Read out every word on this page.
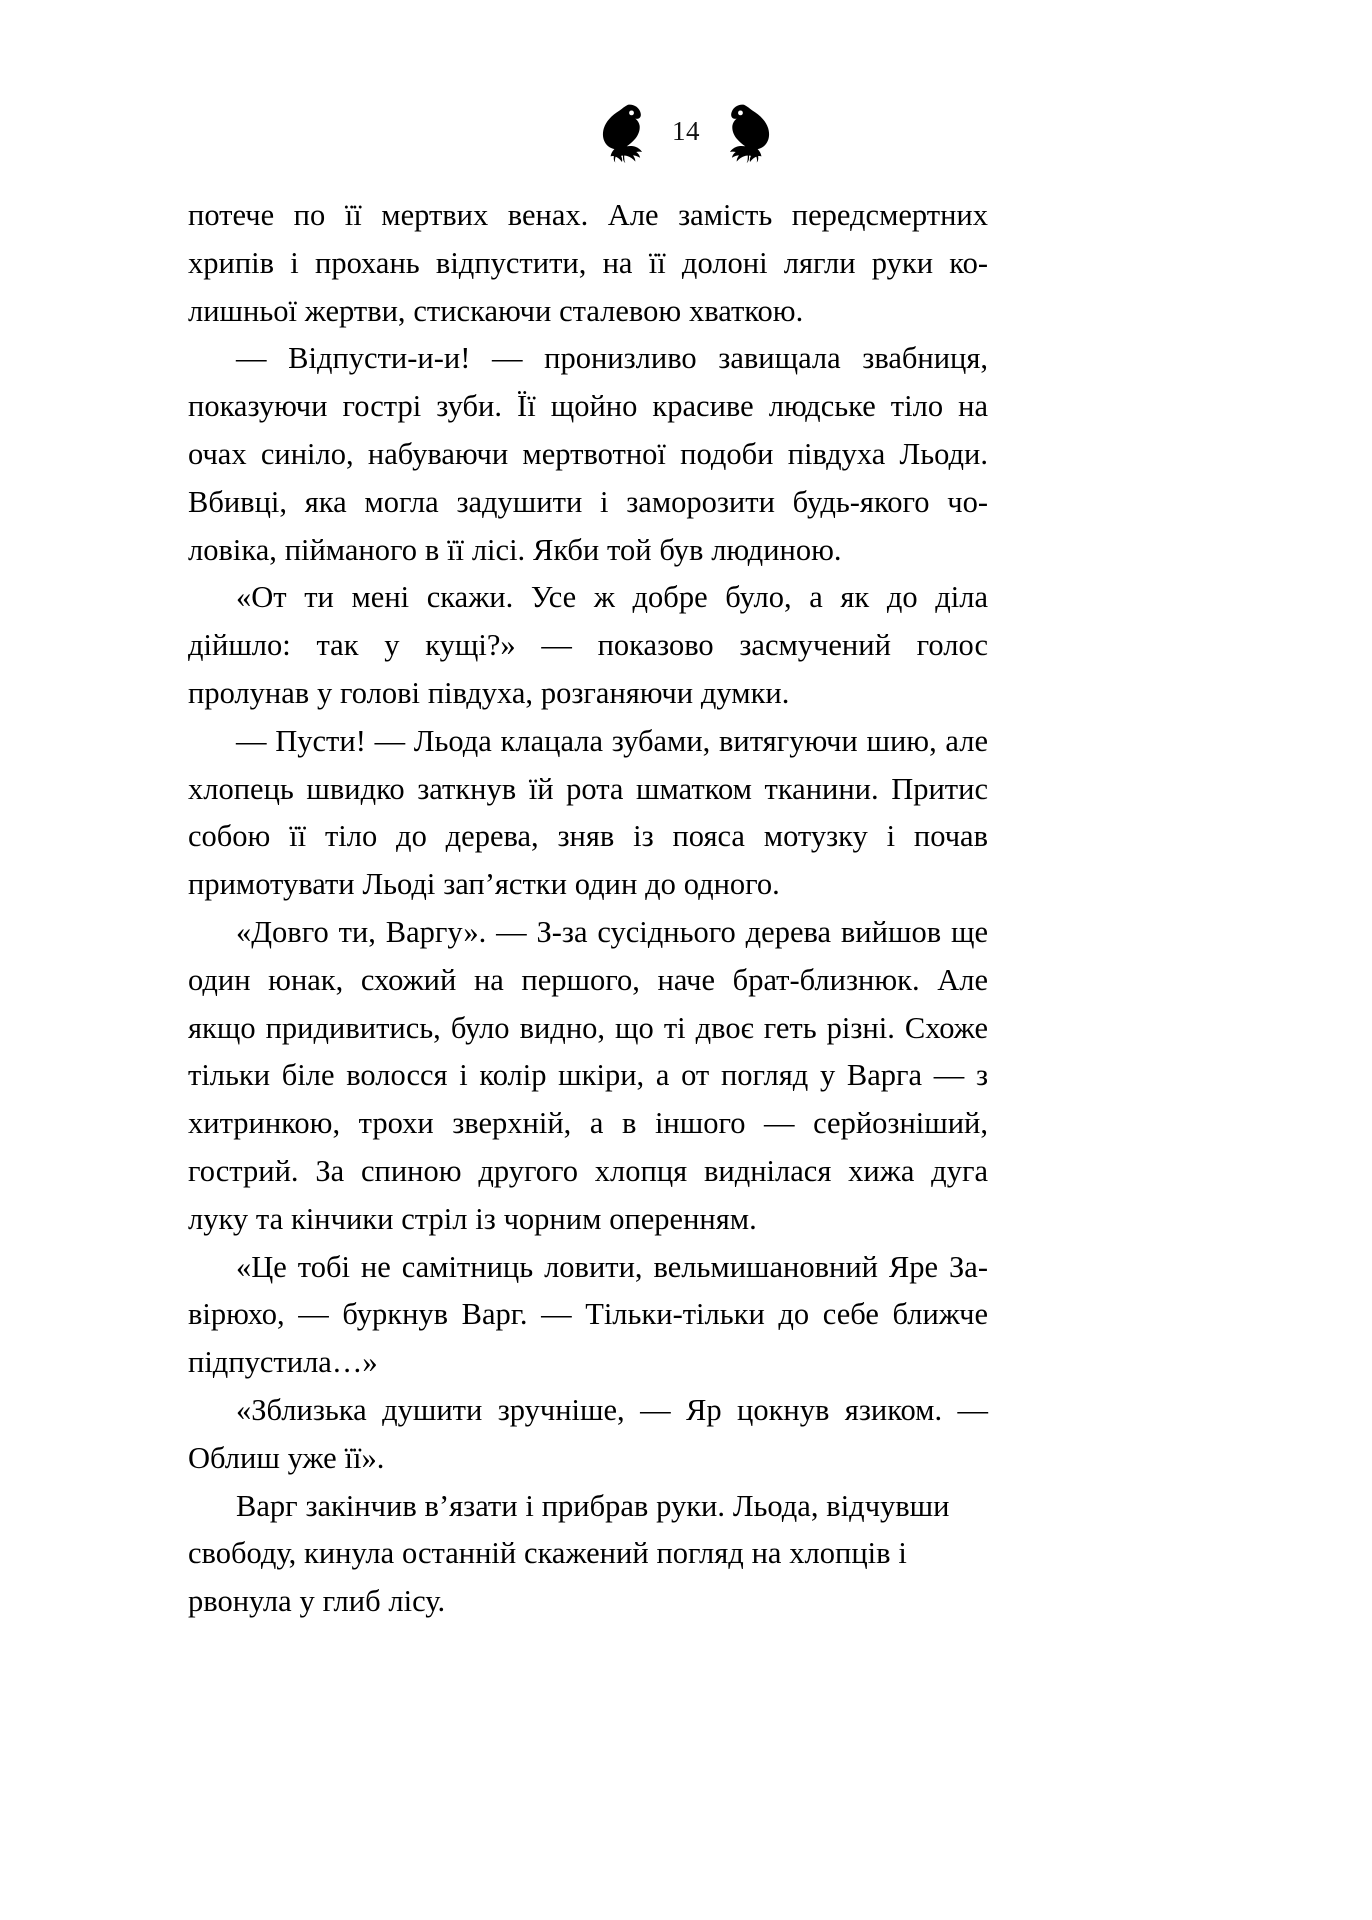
14

потече по її мертвих венах. Але замість передсмертних хрипів і прохань відпустити, на її долоні лягли руки колишньої жертви, стискаючи сталевою хваткою.

— Відпусти-и-и! — пронизливо завищала звабниця, показуючи гострі зуби. Її щойно красиве людське тіло на очах синіло, набуваючи мертвотної подоби півдуха Льоди. Вбивці, яка могла задушити і заморозити будь-якого чоловіка, пійманого в її лісі. Якби той був людиною.

«От ти мені скажи. Усе ж добре було, а як до діла дійшло: так у кущі?» — показово засмучений голос пролунав у голові півдуха, розганяючи думки.

— Пусти! — Льода клацала зубами, витягуючи шию, але хлопець швидко заткнув їй рота шматком тканини. Притис собою її тіло до дерева, зняв із пояса мотузку і почав примотувати Льоді зап’ястки один до одного.

«Довго ти, Варгу». — З-за сусіднього дерева вийшов ще один юнак, схожий на першого, наче брат-близнюк. Але якщо придивитись, було видно, що ті двоє геть різні. Схоже тільки біле волосся і колір шкіри, а от погляд у Варга — з хитринкою, трохи зверхній, а в іншого — серйозніший, гострий. За спиною другого хлопця виднілася хижа дуга луку та кінчики стріл із чорним оперенням.

«Це тобі не самітниць ловити, вельмишановний Яре Завірюхо, — буркнув Варг. — Тільки-тільки до себе ближче підпустила…»

«Зблизька душити зручніше, — Яр цокнув язиком. — Облиш уже її».

Варг закінчив в’язати і прибрав руки. Льода, відчувши свободу, кинула останній скажений погляд на хлопців і рвонула у глиб лісу.
